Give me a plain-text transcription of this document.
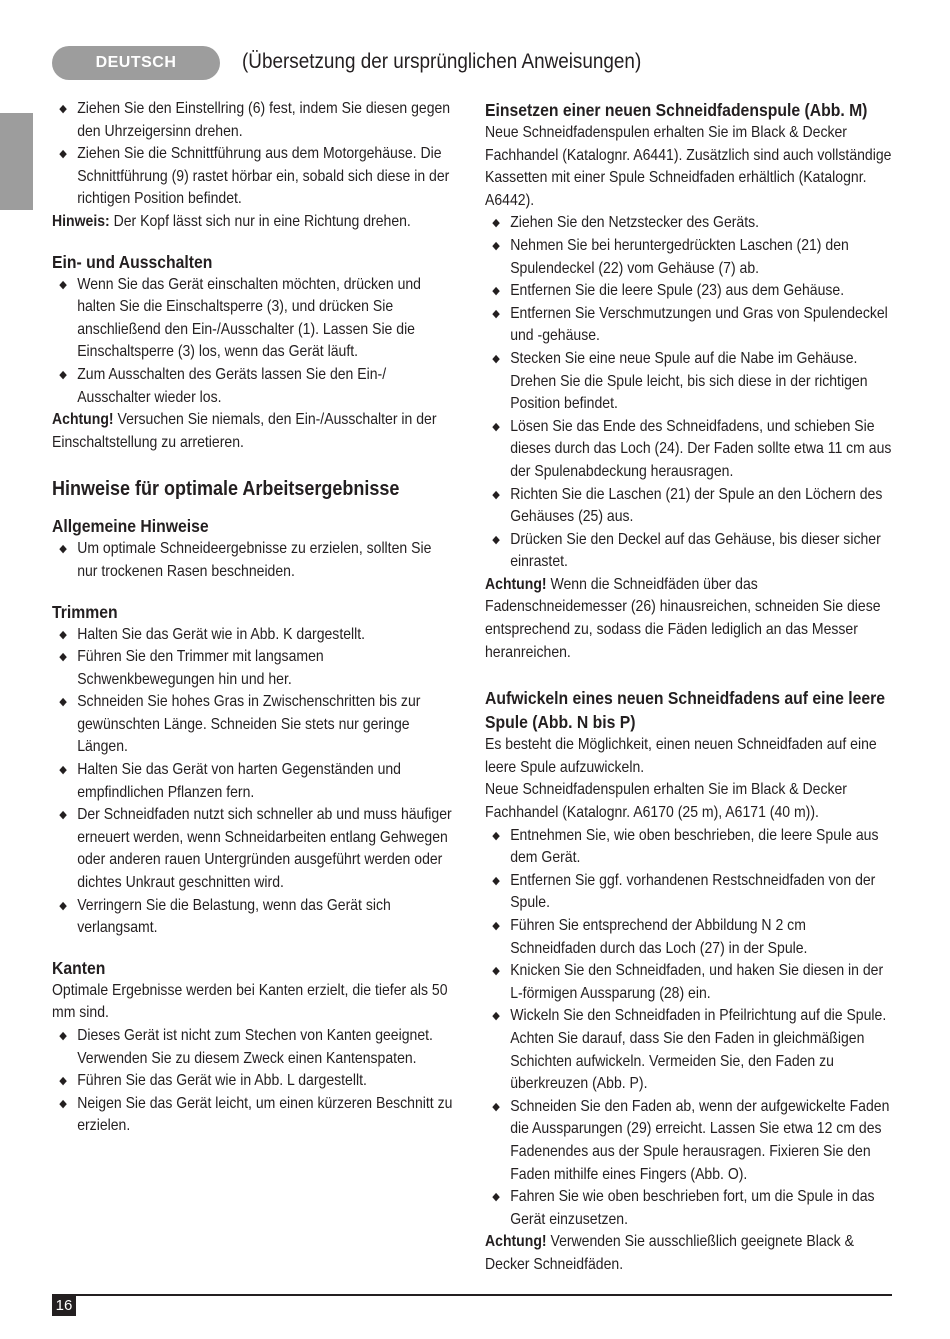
DEUTSCH	(Übersetzung der ursprünglichen Anweisungen)

◆ Ziehen Sie den Einstellring (6) fest, indem Sie diesen gegen den Uhrzeigersinn drehen.

◆ Ziehen Sie die Schnittführung aus dem Motorgehäuse. Die Schnittführung (9) rastet hörbar ein, sobald sich diese in der richtigen Position befindet.

Hinweis: Der Kopf lässt sich nur in eine Richtung drehen.

Ein- und Ausschalten

◆ Wenn Sie das Gerät einschalten möchten, drücken und halten Sie die Einschaltsperre (3), und drücken Sie anschließend den Ein-/Ausschalter (1). Lassen Sie die Einschaltsperre (3) los, wenn das Gerät läuft.

◆ Zum Ausschalten des Geräts lassen Sie den Ein-/ Ausschalter wieder los.

Achtung! Versuchen Sie niemals, den Ein-/Ausschalter in der Einschaltstellung zu arretieren.

Hinweise für optimale Arbeitsergebnisse
Allgemeine Hinweise

◆ Um optimale Schneideergebnisse zu erzielen, sollten Sie nur trockenen Rasen beschneiden.

Trimmen

◆ Halten Sie das Gerät wie in Abb. K dargestellt.

◆ Führen Sie den Trimmer mit langsamen Schwenkbewegungen hin und her.

◆ Schneiden Sie hohes Gras in Zwischenschritten bis zur gewünschten Länge. Schneiden Sie stets nur geringe Längen.

◆ Halten Sie das Gerät von harten Gegenständen und empfindlichen Pflanzen fern.

◆ Der Schneidfaden nutzt sich schneller ab und muss häufiger erneuert werden, wenn Schneidarbeiten entlang Gehwegen oder anderen rauen Untergründen ausgeführt werden oder dichtes Unkraut geschnitten wird.

◆ Verringern Sie die Belastung, wenn das Gerät sich verlangsamt.

Kanten

Optimale Ergebnisse werden bei Kanten erzielt, die tiefer als 50 mm sind.

◆ Dieses Gerät ist nicht zum Stechen von Kanten geeignet. Verwenden Sie zu diesem Zweck einen Kantenspaten.

◆ Führen Sie das Gerät wie in Abb. L dargestellt.

◆ Neigen Sie das Gerät leicht, um einen kürzeren Beschnitt zu erzielen.

Einsetzen einer neuen Schneidfadenspule (Abb. M)

Neue Schneidfadenspulen erhalten Sie im Black & Decker Fachhandel (Katalognr. A6441). Zusätzlich sind auch vollständige Kassetten mit einer Spule Schneidfaden erhältlich (Katalognr. A6442).

◆ Ziehen Sie den Netzstecker des Geräts.

◆ Nehmen Sie bei heruntergedrückten Laschen (21) den Spulendeckel (22) vom Gehäuse (7) ab.

◆ Entfernen Sie die leere Spule (23) aus dem Gehäuse.

◆ Entfernen Sie Verschmutzungen und Gras von Spulendeckel und -gehäuse.

◆ Stecken Sie eine neue Spule auf die Nabe im Gehäuse. Drehen Sie die Spule leicht, bis sich diese in der richtigen Position befindet.

◆ Lösen Sie das Ende des Schneidfadens, und schieben Sie dieses durch das Loch (24). Der Faden sollte etwa 11 cm aus der Spulenabdeckung herausragen.

◆ Richten Sie die Laschen (21) der Spule an den Löchern des Gehäuses (25) aus.

◆ Drücken Sie den Deckel auf das Gehäuse, bis dieser sicher einrastet.

Achtung! Wenn die Schneidfäden über das Fadenschneidemesser (26) hinausreichen, schneiden Sie diese entsprechend zu, sodass die Fäden lediglich an das Messer heranreichen.

Aufwickeln eines neuen Schneidfadens auf eine leere Spule (Abb. N bis P)

Es besteht die Möglichkeit, einen neuen Schneidfaden auf eine leere Spule aufzuwickeln.

Neue Schneidfadenspulen erhalten Sie im Black & Decker Fachhandel (Katalognr. A6170 (25 m), A6171 (40 m)).

◆ Entnehmen Sie, wie oben beschrieben, die leere Spule aus dem Gerät.

◆ Entfernen Sie ggf. vorhandenen Restschneidfaden von der Spule.

◆ Führen Sie entsprechend der Abbildung N 2 cm Schneidfaden durch das Loch (27) in der Spule.

◆ Knicken Sie den Schneidfaden, und haken Sie diesen in der L-förmigen Aussparung (28) ein.

◆ Wickeln Sie den Schneidfaden in Pfeilrichtung auf die Spule. Achten Sie darauf, dass Sie den Faden in gleichmäßigen Schichten aufwickeln. Vermeiden Sie, den Faden zu überkreuzen (Abb. P).

◆ Schneiden Sie den Faden ab, wenn der aufgewickelte Faden die Aussparungen (29) erreicht. Lassen Sie etwa 12 cm des Fadenendes aus der Spule herausragen. Fixieren Sie den Faden mithilfe eines Fingers (Abb. O).

◆ Fahren Sie wie oben beschrieben fort, um die Spule in das Gerät einzusetzen.

Achtung! Verwenden Sie ausschließlich geeignete Black & Decker Schneidfäden.

16
